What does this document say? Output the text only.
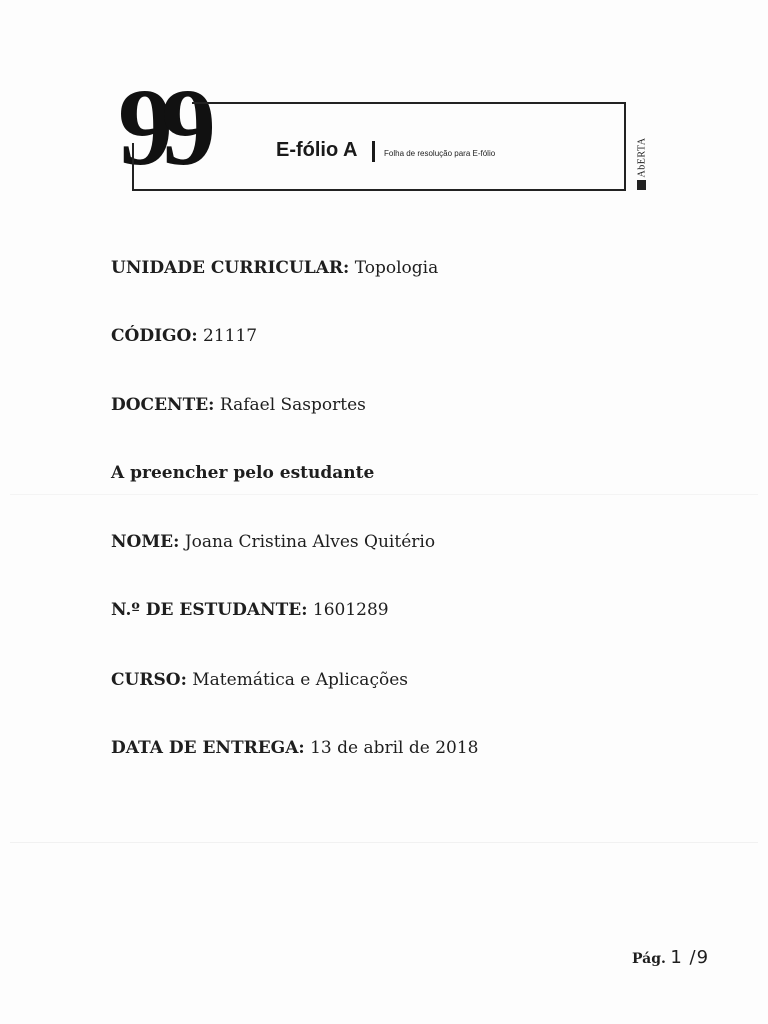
99	E-fólio A	Folha de resolução para E-fólio	AbERTA
UNIDADE CURRICULAR: Topologia
CÓDIGO: 21117
DOCENTE: Rafael Sasportes
A preencher pelo estudante
NOME: Joana Cristina Alves Quitério
N.º DE ESTUDANTE: 1601289
CURSO: Matemática e Aplicações
DATA DE ENTREGA: 13 de abril de 2018
Pág. 1 /9
